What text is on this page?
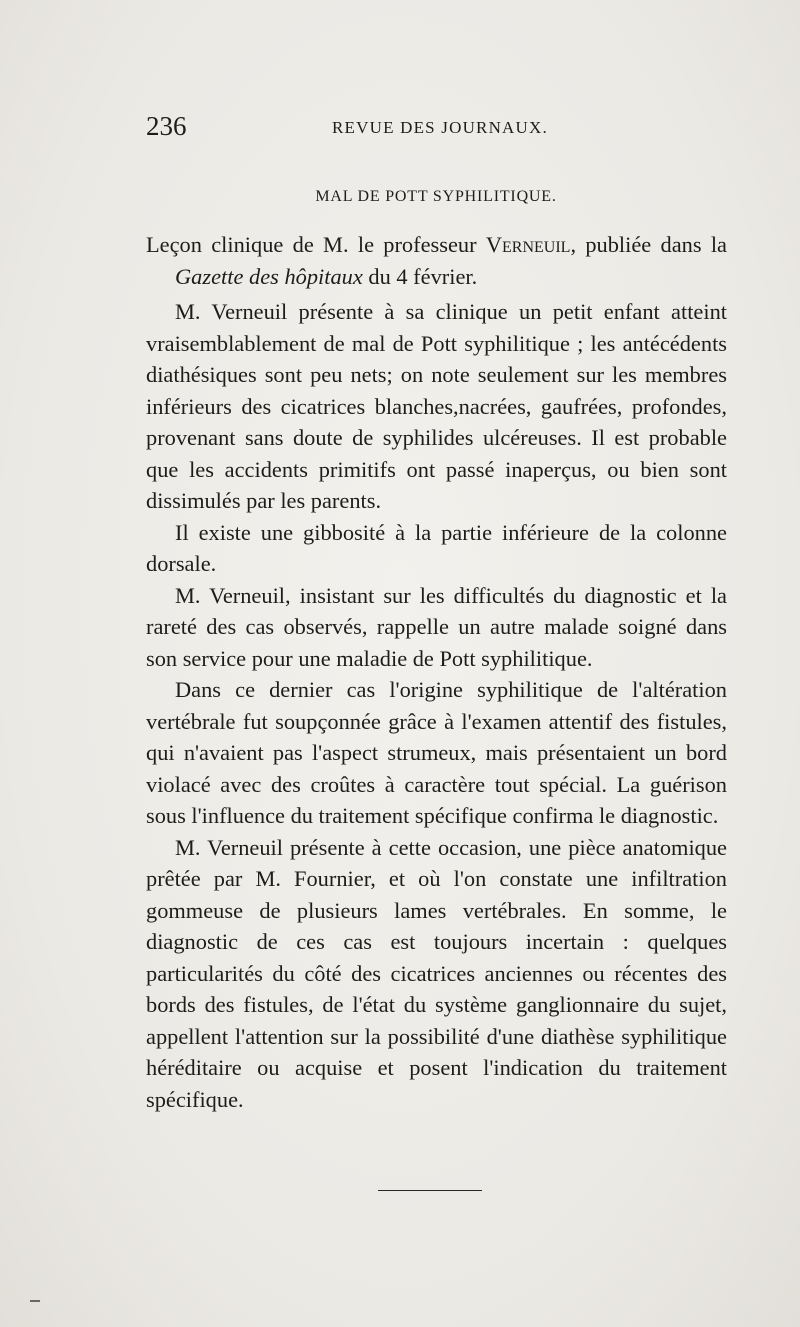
236	REVUE DES JOURNAUX.
MAL DE POTT SYPHILITIQUE.

Leçon clinique de M. le professeur Verneuil, publiée dans la Gazette des hôpitaux du 4 février.

M. Verneuil présente à sa clinique un petit enfant atteint vraisemblablement de mal de Pott syphilitique ; les antécédents diathésiques sont peu nets; on note seulement sur les membres inférieurs des cicatrices blanches,nacrées, gaufrées, profondes, provenant sans doute de syphilides ulcéreuses. Il est probable que les accidents primitifs ont passé inaperçus, ou bien sont dissimulés par les parents.

Il existe une gibbosité à la partie inférieure de la colonne dorsale.

M. Verneuil, insistant sur les difficultés du diagnostic et la rareté des cas observés, rappelle un autre malade soigné dans son service pour une maladie de Pott syphilitique.

Dans ce dernier cas l'origine syphilitique de l'altération vertébrale fut soupçonnée grâce à l'examen attentif des fistules, qui n'avaient pas l'aspect strumeux, mais présentaient un bord violacé avec des croûtes à caractère tout spécial. La guérison sous l'influence du traitement spécifique confirma le diagnostic.

M. Verneuil présente à cette occasion, une pièce anatomique prêtée par M. Fournier, et où l'on constate une infiltration gommeuse de plusieurs lames vertébrales. En somme, le diagnostic de ces cas est toujours incertain : quelques particularités du côté des cicatrices anciennes ou récentes des bords des fistules, de l'état du système ganglionnaire du sujet, appellent l'attention sur la possibilité d'une diathèse syphilitique héréditaire ou acquise et posent l'indication du traitement spécifique.
